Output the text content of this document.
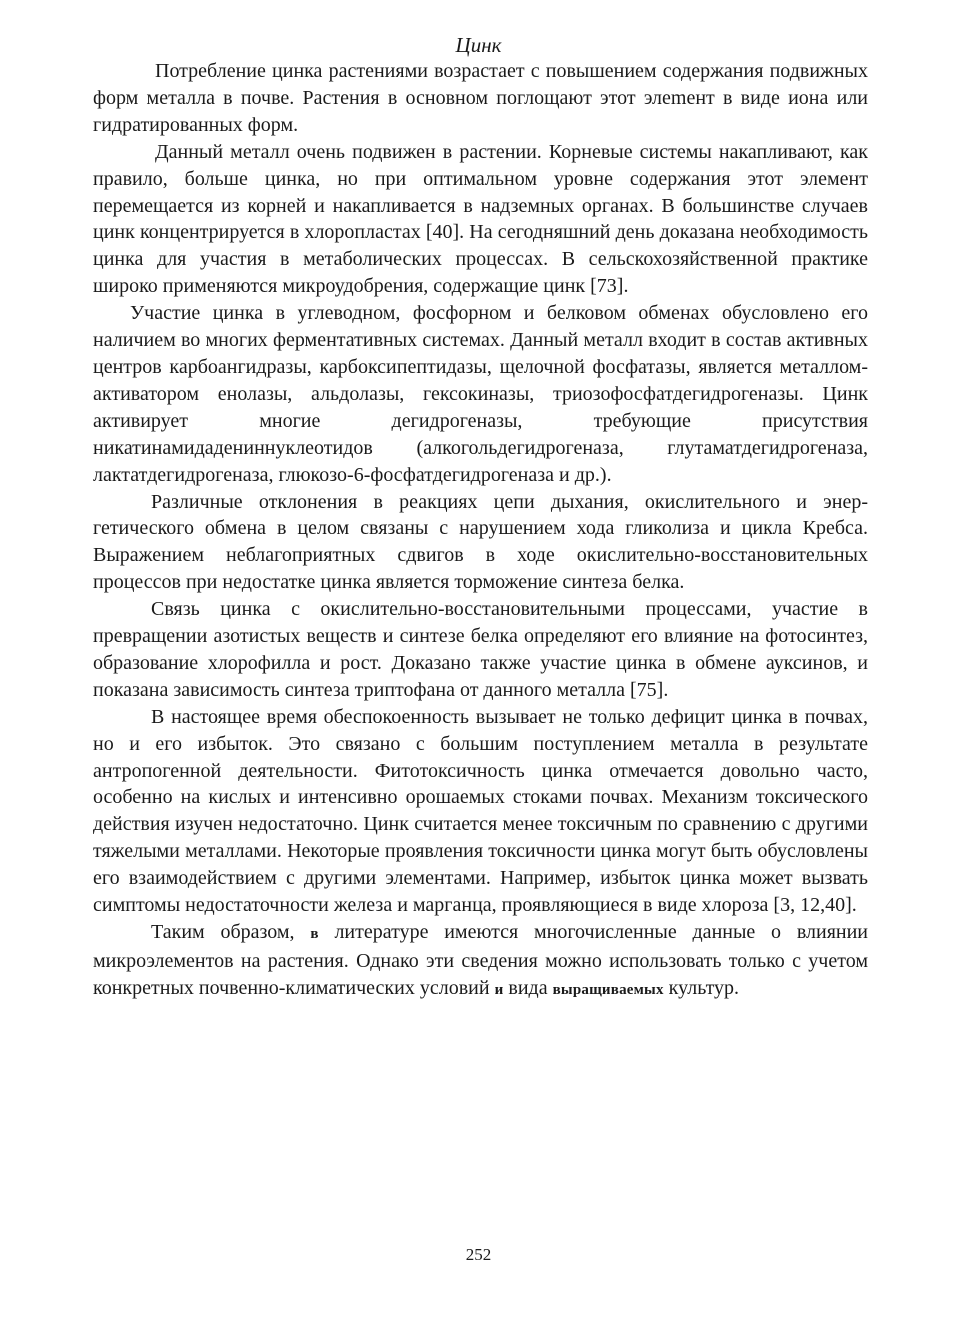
Цинк

Потребление цинка растениями возрастает с повышением содержания подвижных форм металла в почве. Растения в основном поглощают этот элеmент в виде иона или гидратированных форм.

Данный металл очень подвижен в растении. Корневые системы накапливают, как правило, больше цинка, но при оптимальном уровне содержания этот элемент перемещается из корней и накапливается в надземных органах. В большинстве случаев цинк концентрируется в хлоропластах [40]. На сегодняшний день доказана необходимость цинка для участия в метаболических процессах. В сельскохозяйственной практике широко применяются микроудобрения, содержащие цинк [73].

Участие цинка в углеводном, фосфорном и белковом обменах обусловлено его наличием во многих ферментативных системах. Данный металл входит в состав активных центров карбоангидразы, карбоксипептидазы, щелочной фосфатазы, является металлом-активатором енолазы, альдолазы, гексокиназы, триозофосфатдегидрогеназы. Цинк активирует многие дегидрогеназы, требующие присутствия никатинамидадениннуклеотидов (алкогольдегидрогеназа, глутаматдегидрогеназа, лактатдегидрогеназа, глюкозо-6-фосфатдегидрогеназа и др.).

Различные отклонения в реакциях цепи дыхания, окислительного и энергетического обмена в целом связаны с нарушением хода гликолиза и цикла Кребса. Выражением неблагоприятных сдвигов в ходе окислительно-восстановительных процессов при недостатке цинка является торможение синтеза белка.

Связь цинка с окислительно-восстановительными процессами, участие в превращении азотистых веществ и синтезе белка определяют его влияние на фотосинтез, образование хлорофилла и рост. Доказано также участие цинка в обмене ауксинов, и показана зависимость синтеза триптофана от данного металла [75].

В настоящее время обеспокоенность вызывает не только дефицит цинка в почвах, но и его избыток. Это связано с большим поступлением металла в результате антропогенной деятельности. Фитотоксичность цинка отмечается довольно часто, особенно на кислых и интенсивно орошаемых стоками почвах. Механизм токсического действия изучен недостаточно. Цинк считается менее токсичным по сравнению с другими тяжелыми металлами. Некоторые проявления токсичности цинка могут быть обусловлены его взаимодействием с другими элементами. Например, избыток цинка может вызвать симптомы недостаточности железа и марганца, проявляющиеся в виде хлороза [3, 12,40].

Таким образом, в литературе имеются многочисленные данные о влиянии микроэлементов на растения. Однако эти сведения можно использовать только с учетом конкретных почвенно-климатических условий и вида выращиваемых культур.

252
